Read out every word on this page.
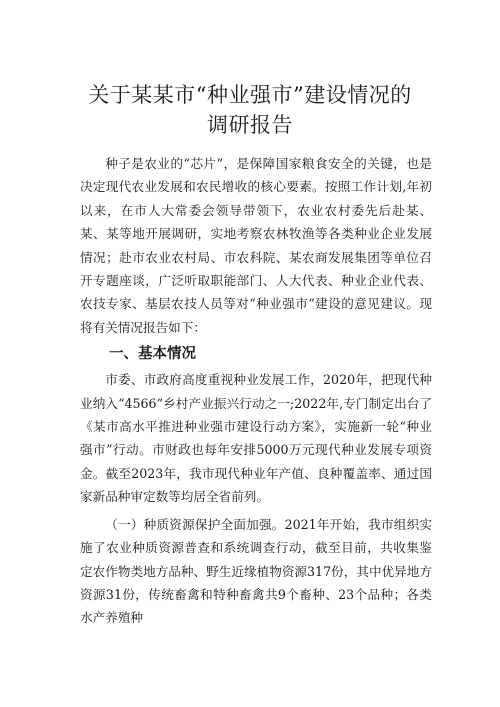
关于某某市“种业强市”建设情况的
调研报告

种子是农业的“芯片”，是保障国家粮食安全的关键，也是决定现代农业发展和农民增收的核心要素。按照工作计划,年初以来，在市人大常委会领导带领下，农业农村委先后赴某、某、某等地开展调研，实地考察农林牧渔等各类种业企业发展情况；赴市农业农村局、市农科院、某农商发展集团等单位召开专题座谈，广泛听取职能部门、人大代表、种业企业代表、农技专家、基层农技人员等对“种业强市”建设的意见建议。现将有关情况报告如下：

一、基本情况

市委、市政府高度重视种业发展工作，2020年，把现代种业纳入“4566”乡村产业振兴行动之一;2022年,专门制定出台了《某市高水平推进种业强市建设行动方案》，实施新一轮“种业强市”行动。市财政也每年安排5000万元现代种业发展专项资金。截至2023年，我市现代种业年产值、良种覆盖率、通过国家新品种审定数等均居全省前列。

（一）种质资源保护全面加强。2021年开始，我市组织实施了农业种质资源普查和系统调查行动，截至目前，共收集鉴定农作物类地方品种、野生近缘植物资源317份，其中优异地方资源31份，传统畜禽和特种畜禽共9个畜种、23个品种；各类水产养殖种
